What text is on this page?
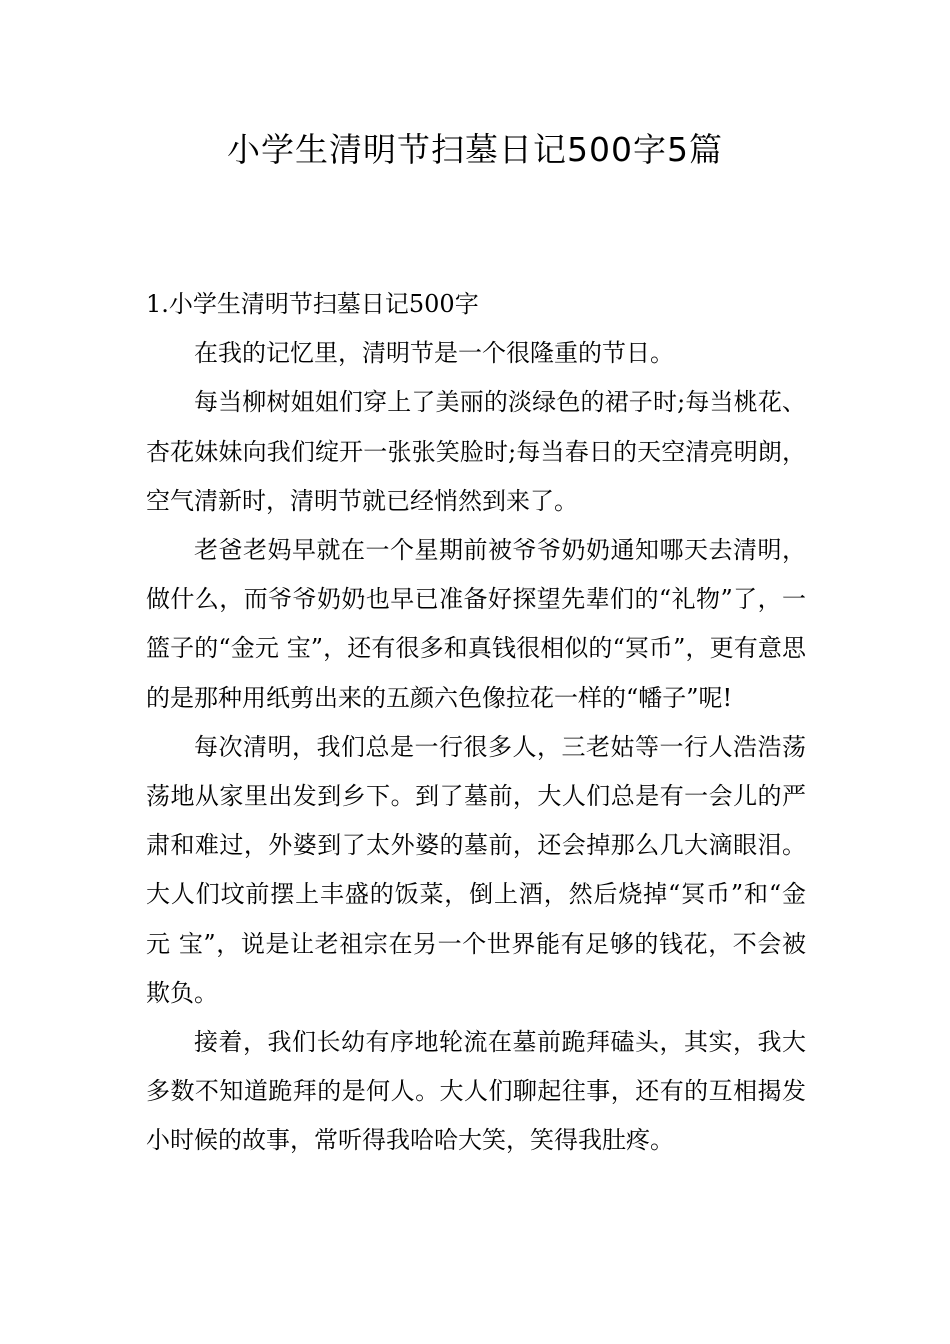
小学生清明节扫墓日记500字5篇

1.小学生清明节扫墓日记500字

在我的记忆里，清明节是一个很隆重的节日。

每当柳树姐姐们穿上了美丽的淡绿色的裙子时;每当桃花、杏花妹妹向我们绽开一张张笑脸时;每当春日的天空清亮明朗，空气清新时，清明节就已经悄然到来了。

老爸老妈早就在一个星期前被爷爷奶奶通知哪天去清明，做什么，而爷爷奶奶也早已准备好探望先辈们的“礼物”了，一篮子的“金元 宝”，还有很多和真钱很相似的“冥币”，更有意思的是那种用纸剪出来的五颜六色像拉花一样的“幡子”呢!

每次清明，我们总是一行很多人，三老姑等一行人浩浩荡荡地从家里出发到乡下。到了墓前，大人们总是有一会儿的严肃和难过，外婆到了太外婆的墓前，还会掉那么几大滴眼泪。大人们坟前摆上丰盛的饭菜，倒上酒，然后烧掉“冥币”和“金元 宝”，说是让老祖宗在另一个世界能有足够的钱花，不会被欺负。

接着，我们长幼有序地轮流在墓前跪拜磕头，其实，我大多数不知道跪拜的是何人。大人们聊起往事，还有的互相揭发小时候的故事，常听得我哈哈大笑，笑得我肚疼。
